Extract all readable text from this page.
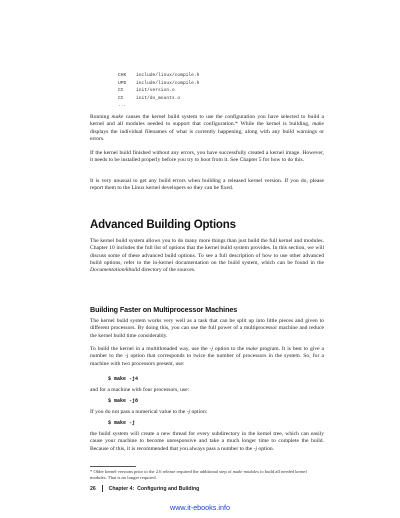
CHK include/linux/compile.h
UPD include/linux/compile.h
CC	init/version.o
CC	init/do_mounts.o
...

Running make causes the kernel build system to use the configuration you have selected to build a kernel and all modules needed to support that configuration.* While the kernel is building, make displays the individual filenames of what is currently happening, along with any build warnings or errors.

If the kernel build finished without any errors, you have successfully created a kernel image. However, it needs to be installed properly before you try to boot from it. See Chapter 5 for how to do this.

It is very unusual to get any build errors when building a released kernel version. If you do, please report them to the Linux kernel developers so they can be fixed.

Advanced Building Options

The kernel build system allows you to do many more things than just build the full kernel and modules. Chapter 10 includes the full list of options that the kernel build system provides. In this section, we will discuss some of these advanced build options. To see a full description of how to use other advanced build options, refer to the in-kernel documentation on the build system, which can be found in the Documentation/kbuild directory of the sources.

Building Faster on Multiprocessor Machines

The kernel build system works very well as a task that can be split up into little pieces and given to different processors. By doing this, you can use the full power of a multiprocessor machine and reduce the kernel build time considerably.

To build the kernel in a multithreaded way, use the -j option to the make program. It is best to give a number to the -j option that corresponds to twice the number of processors in the system. So, for a machine with two processors present, use:

$ make -j4

and for a machine with four processors, use:

$ make -j8

If you do not pass a numerical value to the -j option:

$ make -j

the build system will create a new thread for every subdirectory in the kernel tree, which can easily cause your machine to become unresponsive and take a much longer time to complete the build. Because of this, it is recommended that you always pass a number to the -j option.

* Older kernel versions prior to the 2.6 release required the additional step of make modules to build all needed kernel modules. That is no longer required.

26 Chapter 4:  Configuring and Building
www.it-ebooks.info
